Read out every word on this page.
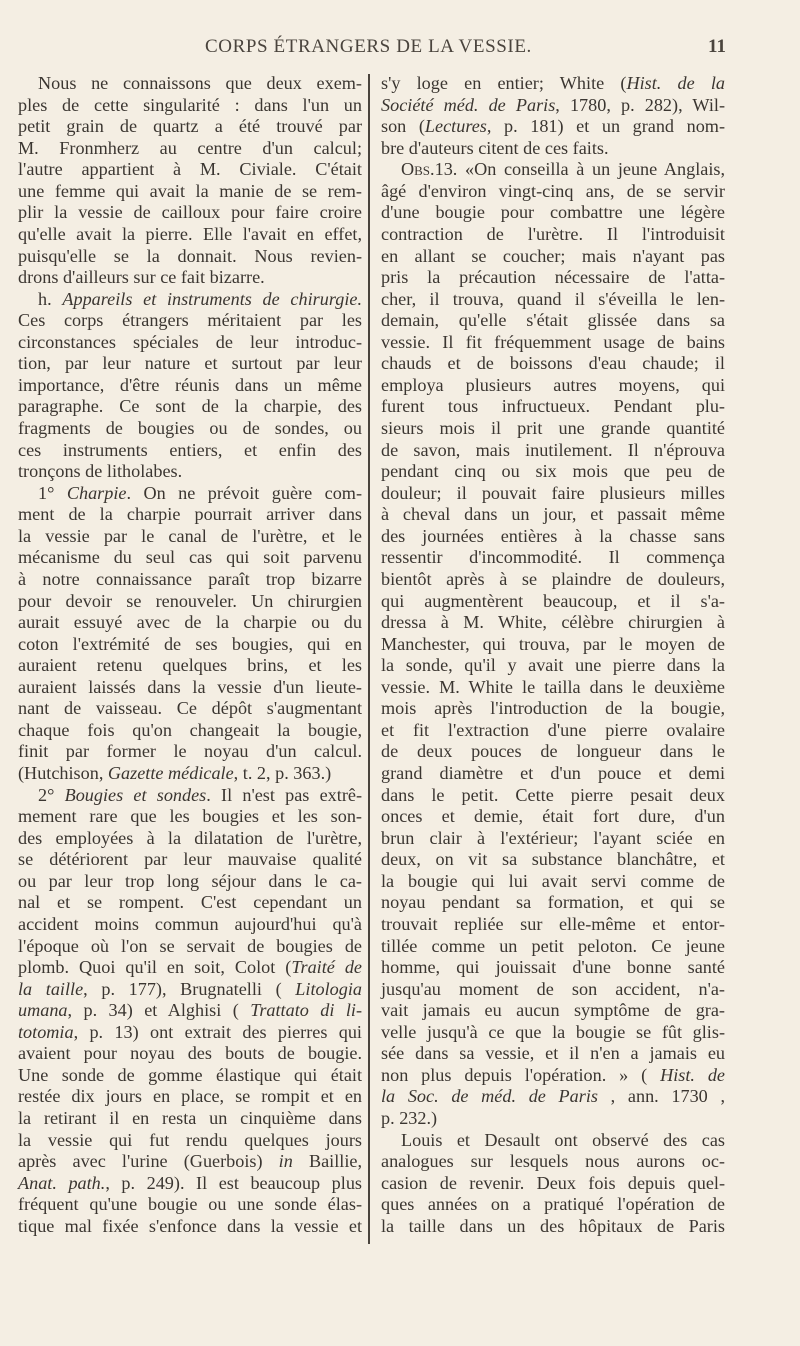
CORPS ÉTRANGERS DE LA VESSIE.	11
Nous ne connaissons que deux exem-
ples de cette singularité : dans l'un un
petit grain de quartz a été trouvé par
M. Fronmherz au centre d'un calcul;
l'autre appartient à M. Civiale. C'était
une femme qui avait la manie de se rem-
plir la vessie de cailloux pour faire croire
qu'elle avait la pierre. Elle l'avait en effet,
puisqu'elle se la donnait. Nous revien-
drons d'ailleurs sur ce fait bizarre.
h. Appareils et instruments de chirurgie.
Ces corps étrangers méritaient par les
circonstances spéciales de leur introduc-
tion, par leur nature et surtout par leur
importance, d'être réunis dans un même
paragraphe. Ce sont de la charpie, des
fragments de bougies ou de sondes, ou
ces instruments entiers, et enfin des
tronçons de litholabes.
1° Charpie. On ne prévoit guère com-
ment de la charpie pourrait arriver dans
la vessie par le canal de l'urètre, et le
mécanisme du seul cas qui soit parvenu
à notre connaissance paraît trop bizarre
pour devoir se renouveler. Un chirurgien
aurait essuyé avec de la charpie ou du
coton l'extrémité de ses bougies, qui en
auraient retenu quelques brins, et les
auraient laissés dans la vessie d'un lieute-
nant de vaisseau. Ce dépôt s'augmentant
chaque fois qu'on changeait la bougie,
finit par former le noyau d'un calcul.
(Hutchison, Gazette médicale, t. 2, p. 363.)
2° Bougies et sondes. Il n'est pas extrê-
mement rare que les bougies et les son-
des employées à la dilatation de l'urètre,
se détériorent par leur mauvaise qualité
ou par leur trop long séjour dans le ca-
nal et se rompent. C'est cependant un
accident moins commun aujourd'hui qu'à
l'époque où l'on se servait de bougies de
plomb. Quoi qu'il en soit, Colot (Traité de
la taille, p. 177), Brugnatelli ( Litologia
umana, p. 34) et Alghisi ( Trattato di li-
totomia, p. 13) ont extrait des pierres qui
avaient pour noyau des bouts de bougie.
Une sonde de gomme élastique qui était
restée dix jours en place, se rompit et en
la retirant il en resta un cinquième dans
la vessie qui fut rendu quelques jours
après avec l'urine (Guerbois) in Baillie,
Anat. path., p. 249). Il est beaucoup plus
fréquent qu'une bougie ou une sonde élas-
tique mal fixée s'enfonce dans la vessie et
s'y loge en entier; White (Hist. de la
Société méd. de Paris, 1780, p. 282), Wil-
son (Lectures, p. 181) et un grand nom-
bre d'auteurs citent de ces faits.
Obs.13. «On conseilla à un jeune Anglais,
âgé d'environ vingt-cinq ans, de se servir
d'une bougie pour combattre une légère
contraction de l'urètre. Il l'introduisit
en allant se coucher; mais n'ayant pas
pris la précaution nécessaire de l'atta-
cher, il trouva, quand il s'éveilla le len-
demain, qu'elle s'était glissée dans sa
vessie. Il fit fréquemment usage de bains
chauds et de boissons d'eau chaude; il
employa plusieurs autres moyens, qui
furent tous infructueux. Pendant plu-
sieurs mois il prit une grande quantité
de savon, mais inutilement. Il n'éprouva
pendant cinq ou six mois que peu de
douleur; il pouvait faire plusieurs milles
à cheval dans un jour, et passait même
des journées entières à la chasse sans
ressentir d'incommodité. Il commença
bientôt après à se plaindre de douleurs,
qui augmentèrent beaucoup, et il s'a-
dressa à M. White, célèbre chirurgien à
Manchester, qui trouva, par le moyen de
la sonde, qu'il y avait une pierre dans la
vessie. M. White le tailla dans le deuxième
mois après l'introduction de la bougie,
et fit l'extraction d'une pierre ovalaire
de deux pouces de longueur dans le
grand diamètre et d'un pouce et demi
dans le petit. Cette pierre pesait deux
onces et demie, était fort dure, d'un
brun clair à l'extérieur; l'ayant sciée en
deux, on vit sa substance blanchâtre, et
la bougie qui lui avait servi comme de
noyau pendant sa formation, et qui se
trouvait repliée sur elle-même et entor-
tillée comme un petit peloton. Ce jeune
homme, qui jouissait d'une bonne santé
jusqu'au moment de son accident, n'a-
vait jamais eu aucun symptôme de gra-
velle jusqu'à ce que la bougie se fût glis-
sée dans sa vessie, et il n'en a jamais eu
non plus depuis l'opération. » ( Hist. de
la Soc. de méd. de Paris , ann. 1730 ,
p. 232.)
Louis et Desault ont observé des cas
analogues sur lesquels nous aurons oc-
casion de revenir. Deux fois depuis quel-
ques années on a pratiqué l'opération de
la taille dans un des hôpitaux de Paris
